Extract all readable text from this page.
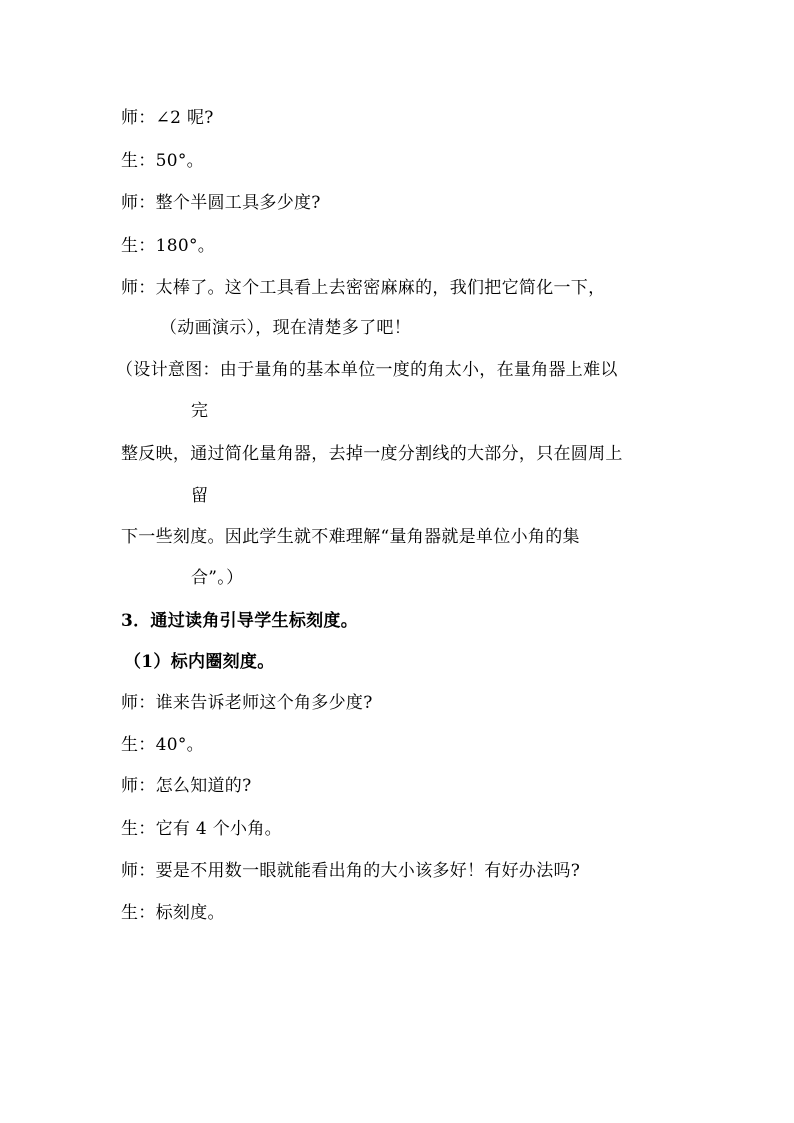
师：∠2 呢?
生：50°。
师：整个半圆工具多少度?
生：180°。
师：太棒了。这个工具看上去密密麻麻的，我们把它简化一下，
（动画演示），现在清楚多了吧！
（设计意图：由于量角的基本单位一度的角太小，在量角器上难以
完
整反映，通过简化量角器，去掉一度分割线的大部分，只在圆周上
留
下一些刻度。因此学生就不难理解“量角器就是单位小角的集
合”。）
3．通过读角引导学生标刻度。
（1）标内圈刻度。
师：谁来告诉老师这个角多少度?
生：40°。
师：怎么知道的?
生：它有 4 个小角。
师：要是不用数一眼就能看出角的大小该多好！有好办法吗?
生：标刻度。
